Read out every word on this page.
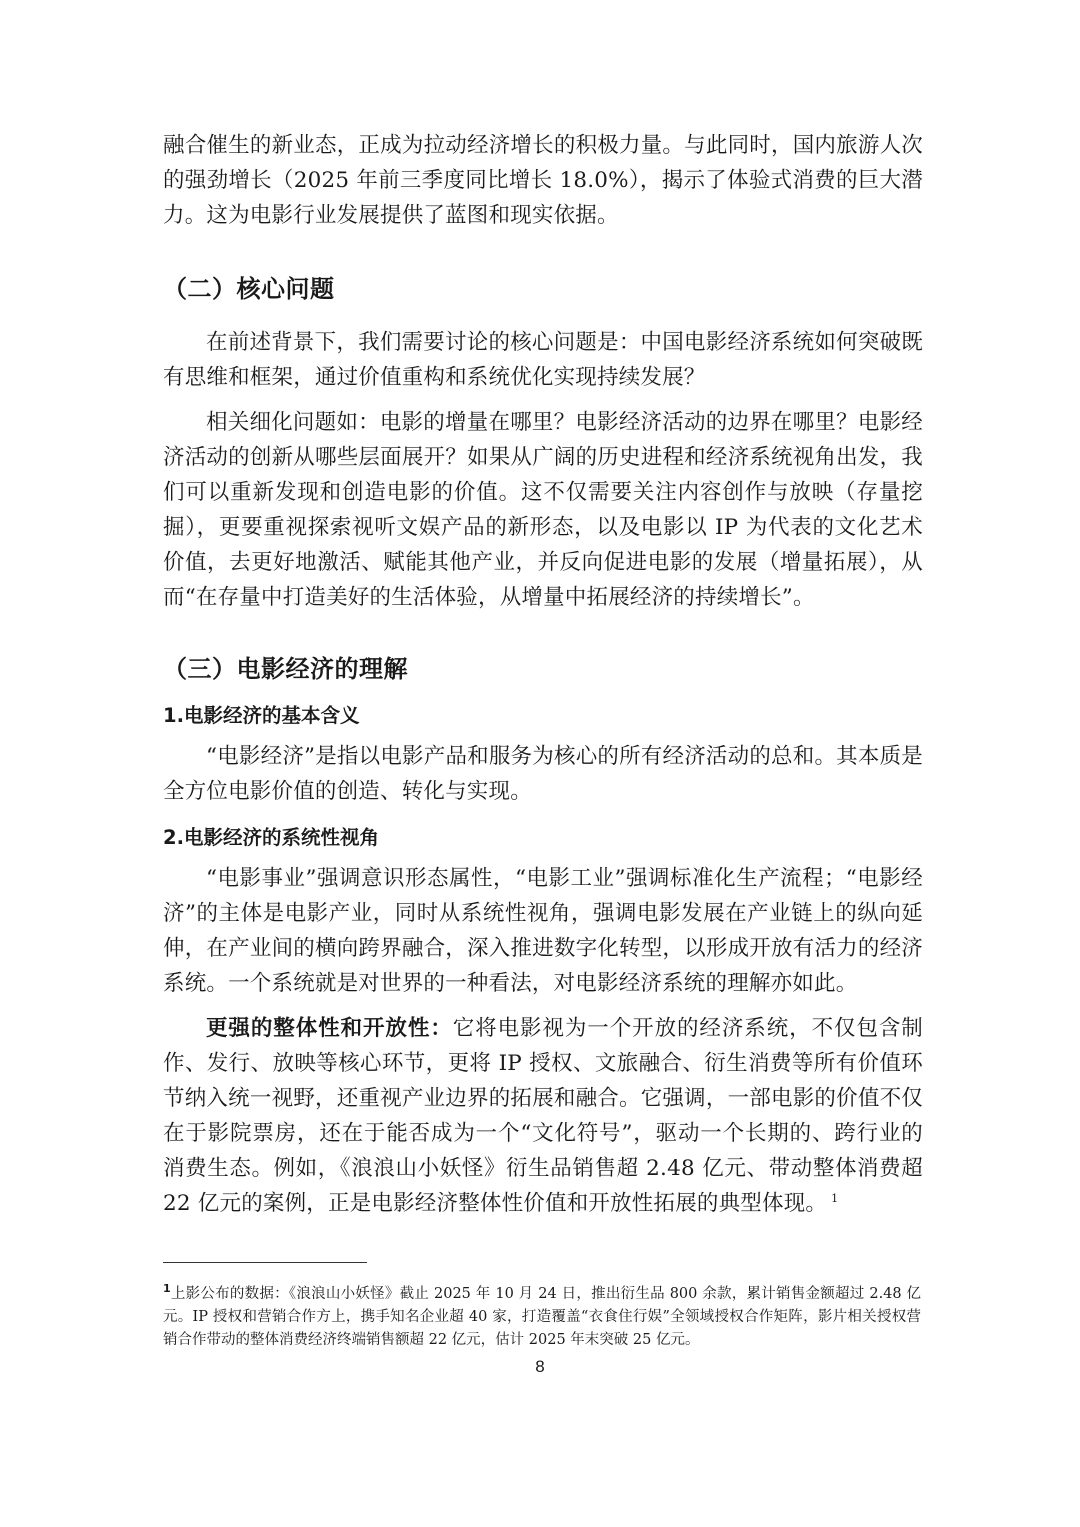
融合催生的新业态，正成为拉动经济增长的积极力量。与此同时，国内旅游人次的强劲增长（2025 年前三季度同比增长 18.0%），揭示了体验式消费的巨大潜力。这为电影行业发展提供了蓝图和现实依据。

（二）核心问题

在前述背景下，我们需要讨论的核心问题是：中国电影经济系统如何突破既有思维和框架，通过价值重构和系统优化实现持续发展？

相关细化问题如：电影的增量在哪里？电影经济活动的边界在哪里？电影经济活动的创新从哪些层面展开？如果从广阔的历史进程和经济系统视角出发，我们可以重新发现和创造电影的价值。这不仅需要关注内容创作与放映（存量挖掘），更要重视探索视听文娱产品的新形态，以及电影以 IP 为代表的文化艺术价值，去更好地激活、赋能其他产业，并反向促进电影的发展（增量拓展），从而“在存量中打造美好的生活体验，从增量中拓展经济的持续增长”。

（三）电影经济的理解
1.电影经济的基本含义

“电影经济”是指以电影产品和服务为核心的所有经济活动的总和。其本质是全方位电影价值的创造、转化与实现。

2.电影经济的系统性视角

“电影事业”强调意识形态属性，“电影工业”强调标准化生产流程；“电影经济”的主体是电影产业，同时从系统性视角，强调电影发展在产业链上的纵向延伸，在产业间的横向跨界融合，深入推进数字化转型，以形成开放有活力的经济系统。一个系统就是对世界的一种看法，对电影经济系统的理解亦如此。

更强的整体性和开放性：它将电影视为一个开放的经济系统，不仅包含制作、发行、放映等核心环节，更将 IP 授权、文旅融合、衍生消费等所有价值环节纳入统一视野，还重视产业边界的拓展和融合。它强调，一部电影的价值不仅在于影院票房，还在于能否成为一个“文化符号”，驱动一个长期的、跨行业的消费生态。例如，《浪浪山小妖怪》衍生品销售超 2.48 亿元、带动整体消费超 22 亿元的案例，正是电影经济整体性价值和开放性拓展的典型体现。 $^1$

$^1$上影公布的数据：《浪浪山小妖怪》截止 2025 年 10 月 24 日，推出衍生品 800 余款，累计销售金额超过 2.48 亿元。IP 授权和营销合作方上，携手知名企业超 40 家，打造覆盖“衣食住行娱”全领域授权合作矩阵，影片相关授权营销合作带动的整体消费经济终端销售额超 22 亿元，估计 2025 年末突破 25 亿元。

8
